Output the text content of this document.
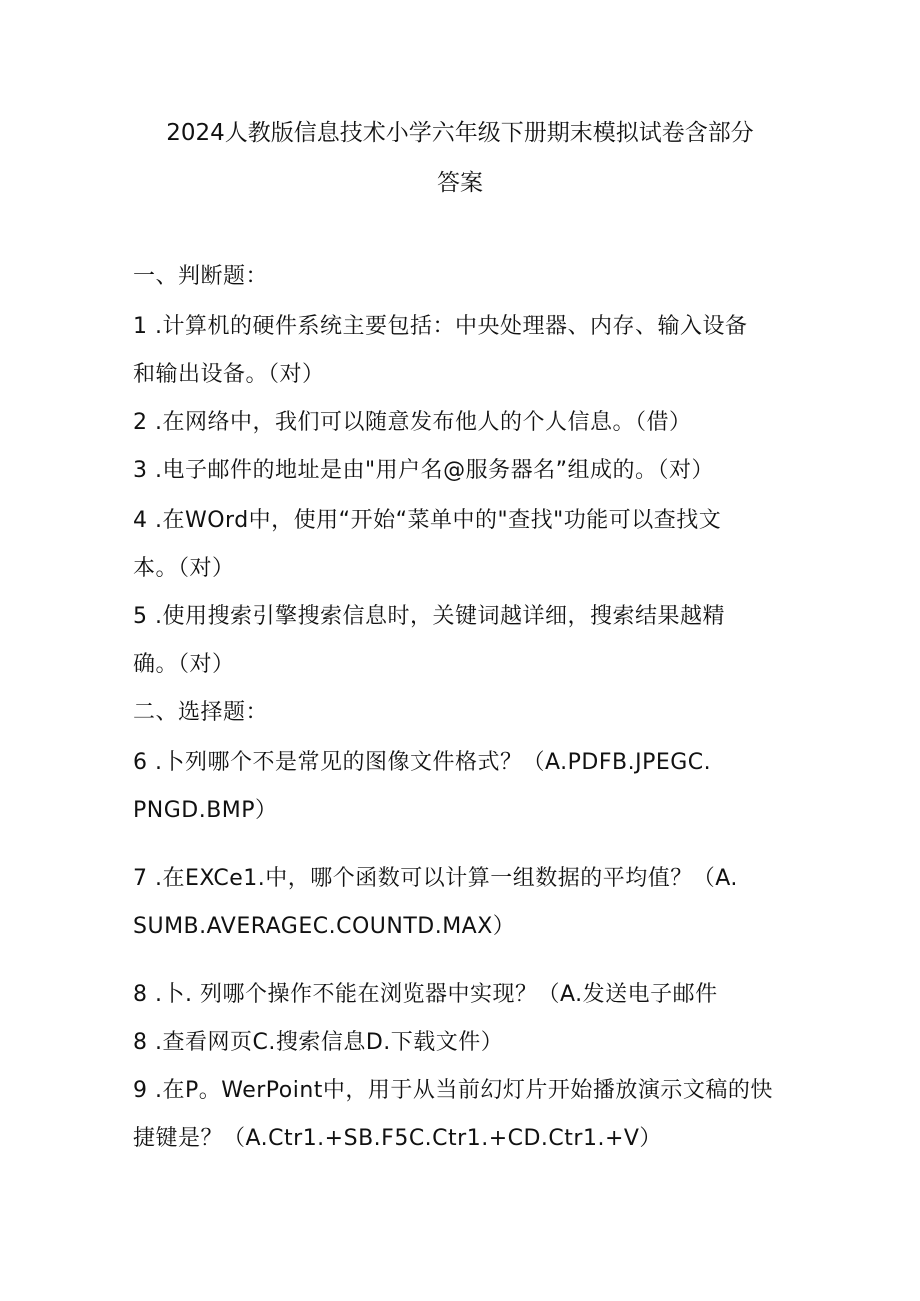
2024人教版信息技术小学六年级下册期末模拟试卷含部分
答案
一、判断题：
1 .计算机的硬件系统主要包括：中央处理器、内存、输入设备
和输出设备。（对）
2 .在网络中，我们可以随意发布他人的个人信息。（借）
3 .电子邮件的地址是由"用户名@服务器名”组成的。（对）
4 .在WOrd中，使用“开始“菜单中的"查找"功能可以查找文
本。（对）
5 .使用搜索引擎搜索信息时，关键词越详细，搜索结果越精
确。（对）
二、选择题：
6 .卜列哪个不是常见的图像文件格式？（A.PDFB.JPEGC.
PNGD.BMP）
7 .在EXCe1.中，哪个函数可以计算一组数据的平均值？（A.
SUMB.AVERAGEC.COUNTD.MAX）
8 .卜. 列哪个操作不能在浏览器中实现？（A.发送电子邮件
8 .查看网页C.搜索信息D.下载文件）
9 .在P。WerPoint中，用于从当前幻灯片开始播放演示文稿的快
捷键是？（A.Ctr1.+SB.F5C.Ctr1.+CD.Ctr1.+V）
